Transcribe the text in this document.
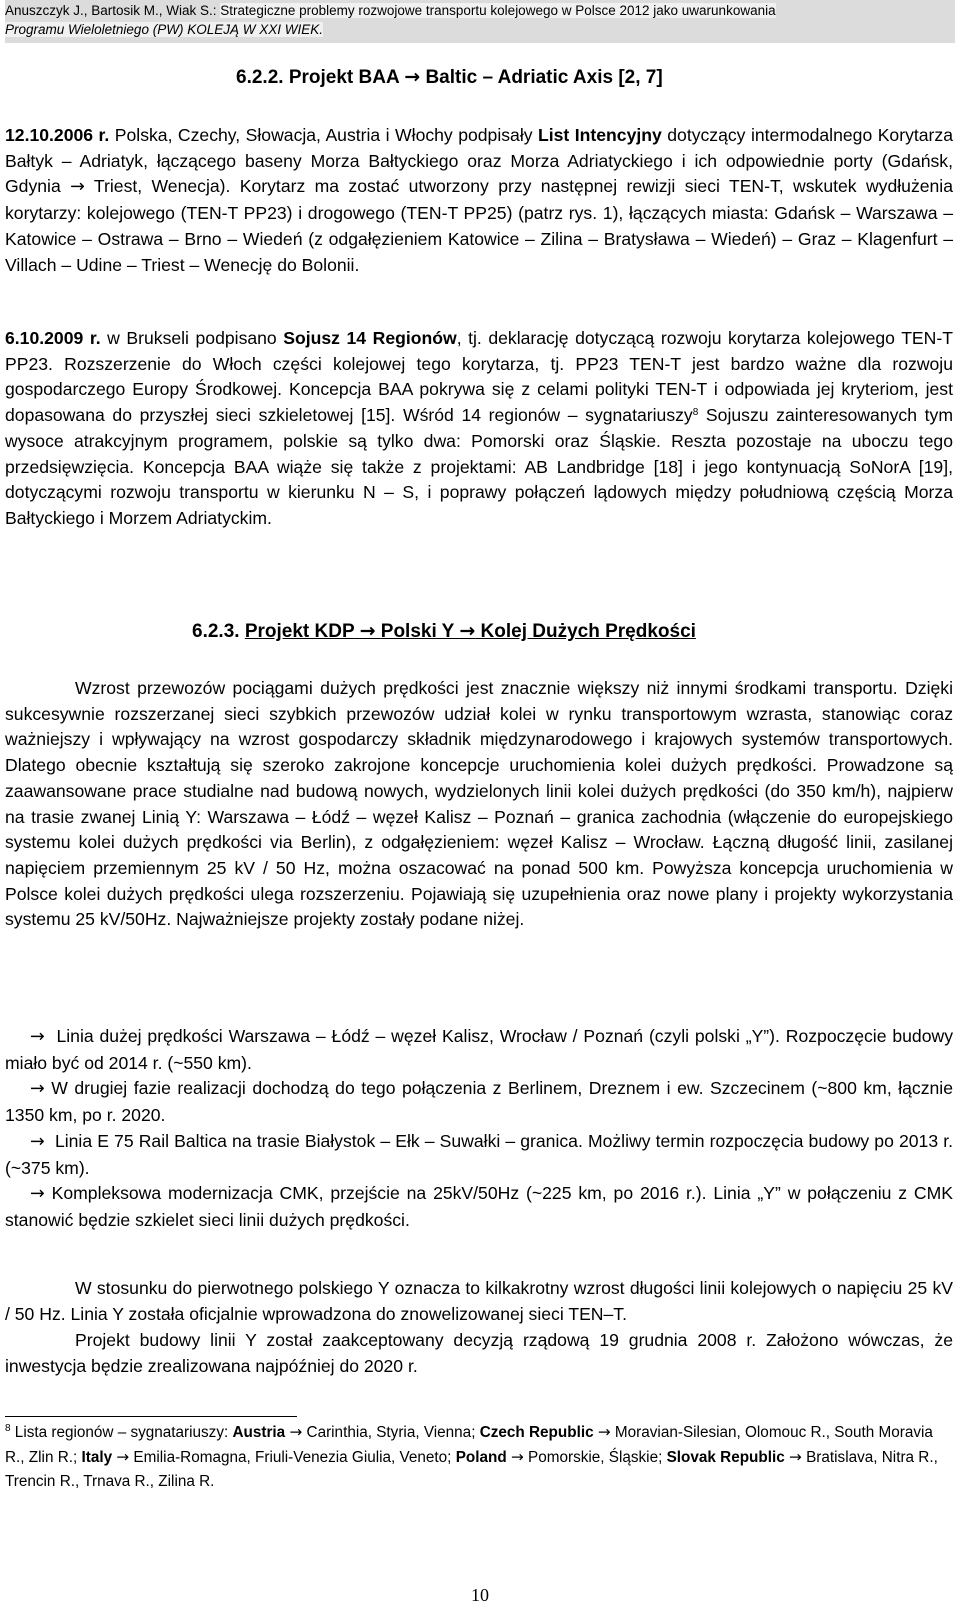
Anuszczyk J., Bartosik M., Wiak S.: Strategiczne problemy rozwojowe transportu kolejowego w Polsce 2012 jako uwarunkowania
Programu Wieloletniego (PW) KOLEJĄ W XXI WIEK.
6.2.2. Projekt BAA → Baltic – Adriatic Axis [2, 7]
12.10.2006 r. Polska, Czechy, Słowacja, Austria i Włochy podpisały List Intencyjny dotyczący intermodalnego Korytarza Bałtyk – Adriatyk, łączącego baseny Morza Bałtyckiego oraz Morza Adriatyckiego i ich odpowiednie porty (Gdańsk, Gdynia → Triest, Wenecja). Korytarz ma zostać utworzony przy następnej rewizji sieci TEN-T, wskutek wydłużenia korytarzy: kolejowego (TEN-T PP23) i drogowego (TEN-T PP25) (patrz rys. 1), łączących miasta: Gdańsk – Warszawa – Katowice – Ostrawa – Brno – Wiedeń (z odgałęzieniem Katowice – Zilina – Bratysława – Wiedeń) – Graz – Klagenfurt – Villach – Udine – Triest – Wenecję do Bolonii.
6.10.2009 r. w Brukseli podpisano Sojusz 14 Regionów, tj. deklarację dotyczącą rozwoju korytarza kolejowego TEN-T PP23. Rozszerzenie do Włoch części kolejowej tego korytarza, tj. PP23 TEN-T jest bardzo ważne dla rozwoju gospodarczego Europy Środkowej. Koncepcja BAA pokrywa się z celami polityki TEN-T i odpowiada jej kryteriom, jest dopasowana do przyszłej sieci szkieletowej [15]. Wśród 14 regionów – sygnatariuszy$^8$ Sojuszu zainteresowanych tym wysoce atrakcyjnym programem, polskie są tylko dwa: Pomorski oraz Śląskie. Reszta pozostaje na uboczu tego przedsięwzięcia. Koncepcja BAA wiąże się także z projektami: AB Landbridge [18] i jego kontynuacją SoNorA [19], dotyczącymi rozwoju transportu w kierunku N – S, i poprawy połączeń lądowych między południową częścią Morza Bałtyckiego i Morzem Adriatyckim.
6.2.3. Projekt KDP → Polski Y → Kolej Dużych Prędkości
Wzrost przewozów pociągami dużych prędkości jest znacznie większy niż innymi środkami transportu. Dzięki sukcesywnie rozszerzanej sieci szybkich przewozów udział kolei w rynku transportowym wzrasta, stanowiąc coraz ważniejszy i wpływający na wzrost gospodarczy składnik międzynarodowego i krajowych systemów transportowych. Dlatego obecnie kształtują się szeroko zakrojone koncepcje uruchomienia kolei dużych prędkości. Prowadzone są zaawansowane prace studialne nad budową nowych, wydzielonych linii kolei dużych prędkości (do 350 km/h), najpierw na trasie zwanej Linią Y: Warszawa – Łódź – węzeł Kalisz – Poznań – granica zachodnia (włączenie do europejskiego systemu kolei dużych prędkości via Berlin), z odgałęzieniem: węzeł Kalisz – Wrocław. Łączną długość linii, zasilanej napięciem przemiennym 25 kV / 50 Hz, można oszacować na ponad 500 km. Powyższa koncepcja uruchomienia w Polsce kolei dużych prędkości ulega rozszerzeniu. Pojawiają się uzupełnienia oraz nowe plany i projekty wykorzystania systemu 25 kV/50Hz. Najważniejsze projekty zostały podane niżej.
→ Linia dużej prędkości Warszawa – Łódź – węzeł Kalisz, Wrocław / Poznań (czyli polski „Y”). Rozpoczęcie budowy miało być od 2014 r. (~550 km).
→ W drugiej fazie realizacji dochodzą do tego połączenia z Berlinem, Dreznem i ew. Szczecinem (~800 km, łącznie 1350 km, po r. 2020.
→ Linia E 75 Rail Baltica na trasie Białystok – Ełk – Suwałki – granica. Możliwy termin rozpoczęcia budowy po 2013 r. (~375 km).
→ Kompleksowa modernizacja CMK, przejście na 25kV/50Hz (~225 km, po 2016 r.). Linia „Y” w połączeniu z CMK stanowić będzie szkielet sieci linii dużych prędkości.
W stosunku do pierwotnego polskiego Y oznacza to kilkakrotny wzrost długości linii kolejowych o napięciu 25 kV / 50 Hz. Linia Y została oficjalnie wprowadzona do znowelizowanej sieci TEN–T.
Projekt budowy linii Y został zaakceptowany decyzją rządową 19 grudnia 2008 r. Założono wówczas, że inwestycja będzie zrealizowana najpóźniej do 2020 r.
$^8$ Lista regionów – sygnatariuszy: Austria → Carinthia, Styria, Vienna; Czech Republic → Moravian-Silesian, Olomouc R., South Moravia R., Zlin R.; Italy → Emilia-Romagna, Friuli-Venezia Giulia, Veneto; Poland → Pomorskie, Śląskie; Slovak Republic → Bratislava, Nitra R., Trencin R., Trnava R., Zilina R.
10
